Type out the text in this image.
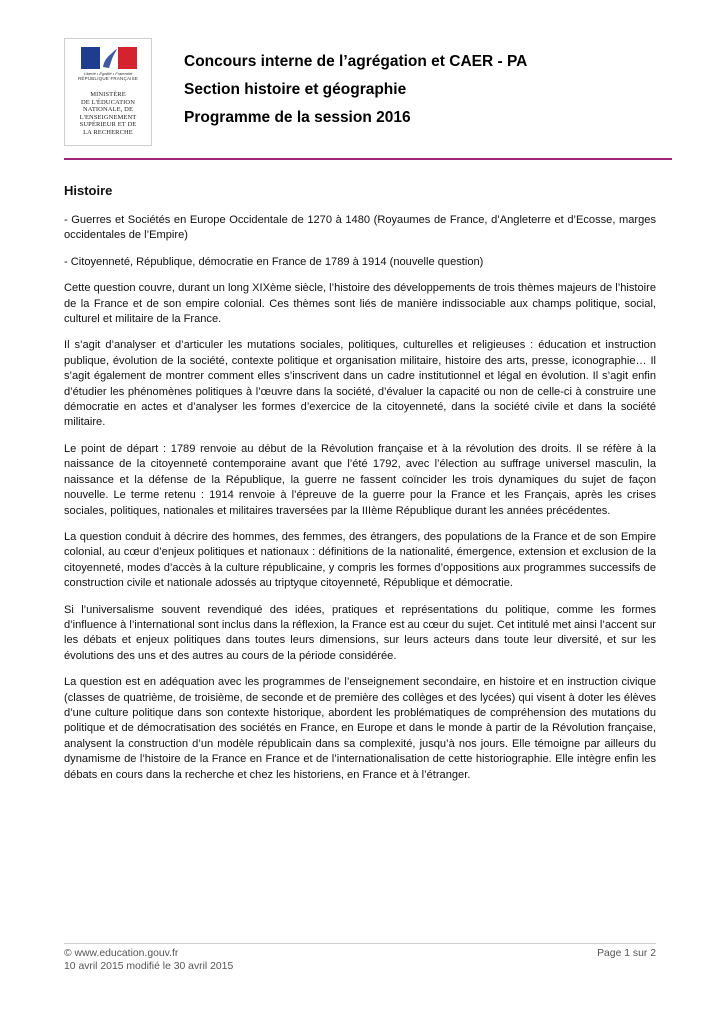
Liberté • Égalité • Fraternité
RÉPUBLIQUE FRANÇAISE
MINISTÈRE
DE L'ÉDUCATION
NATIONALE, DE
L'ENSEIGNEMENT
SUPÉRIEUR ET DE
LA RECHERCHE
Concours interne de l’agrégation et CAER - PA
Section histoire et géographie
Programme de la session 2016
Histoire

- Guerres et Sociétés en Europe Occidentale de 1270 à 1480 (Royaumes de France, d’Angleterre et d’Ecosse, marges occidentales de l’Empire)

- Citoyenneté, République, démocratie en France de 1789 à 1914 (nouvelle question)

Cette question couvre, durant un long XIXème siècle, l’histoire des développements de trois thèmes majeurs de l’histoire de la France et de son empire colonial. Ces thèmes sont liés de manière indissociable aux champs politique, social, culturel et militaire de la France.

Il s’agit d’analyser et d’articuler les mutations sociales, politiques, culturelles et religieuses : éducation et instruction publique, évolution de la société, contexte politique et organisation militaire, histoire des arts, presse, iconographie… Il s’agit également de montrer comment elles s’inscrivent dans un cadre institutionnel et légal en évolution. Il s’agit enfin d’étudier les phénomènes politiques à l’œuvre dans la société, d’évaluer la capacité ou non de celle-ci à construire une démocratie en actes et d’analyser les formes d’exercice de la citoyenneté, dans la société civile et dans la société militaire.

Le point de départ : 1789 renvoie au début de la Révolution française et à la révolution des droits. Il se réfère à la naissance de la citoyenneté contemporaine avant que l’été 1792, avec l’élection au suffrage universel masculin, la naissance et la défense de la République, la guerre ne fassent coïncider les trois dynamiques du sujet de façon nouvelle. Le terme retenu : 1914 renvoie à l’épreuve de la guerre pour la France et les Français, après les crises sociales, politiques, nationales et militaires traversées par la IIIème République durant les années précédentes.

La question conduit à décrire des hommes, des femmes, des étrangers, des populations de la France et de son Empire colonial, au cœur d’enjeux politiques et nationaux : définitions de la nationalité, émergence, extension et exclusion de la citoyenneté, modes d’accès à la culture républicaine, y compris les formes d’oppositions aux programmes successifs de construction civile et nationale adossés au triptyque citoyenneté, République et démocratie.

Si l’universalisme souvent revendiqué des idées, pratiques et représentations du politique, comme les formes d’influence à l’international sont inclus dans la réflexion, la France est au cœur du sujet. Cet intitulé met ainsi l’accent sur les débats et enjeux politiques dans toutes leurs dimensions, sur leurs acteurs dans toute leur diversité, et sur les évolutions des uns et des autres au cours de la période considérée.

La question est en adéquation avec les programmes de l’enseignement secondaire, en histoire et en instruction civique (classes de quatrième, de troisième, de seconde et de première des collèges et des lycées) qui visent à doter les élèves d’une culture politique dans son contexte historique, abordent les problématiques de compréhension des mutations du politique et de démocratisation des sociétés en France, en Europe et dans le monde à partir de la Révolution française, analysent la construction d’un modèle républicain dans sa complexité, jusqu’à nos jours. Elle témoigne par ailleurs du dynamisme de l’histoire de la France en France et de l’internationalisation de cette historiographie. Elle intègre enfin les débats en cours dans la recherche et chez les historiens, en France et à l’étranger.

© www.education.gouv.fr
10 avril 2015 modifié le 30 avril 2015
Page 1 sur 2
